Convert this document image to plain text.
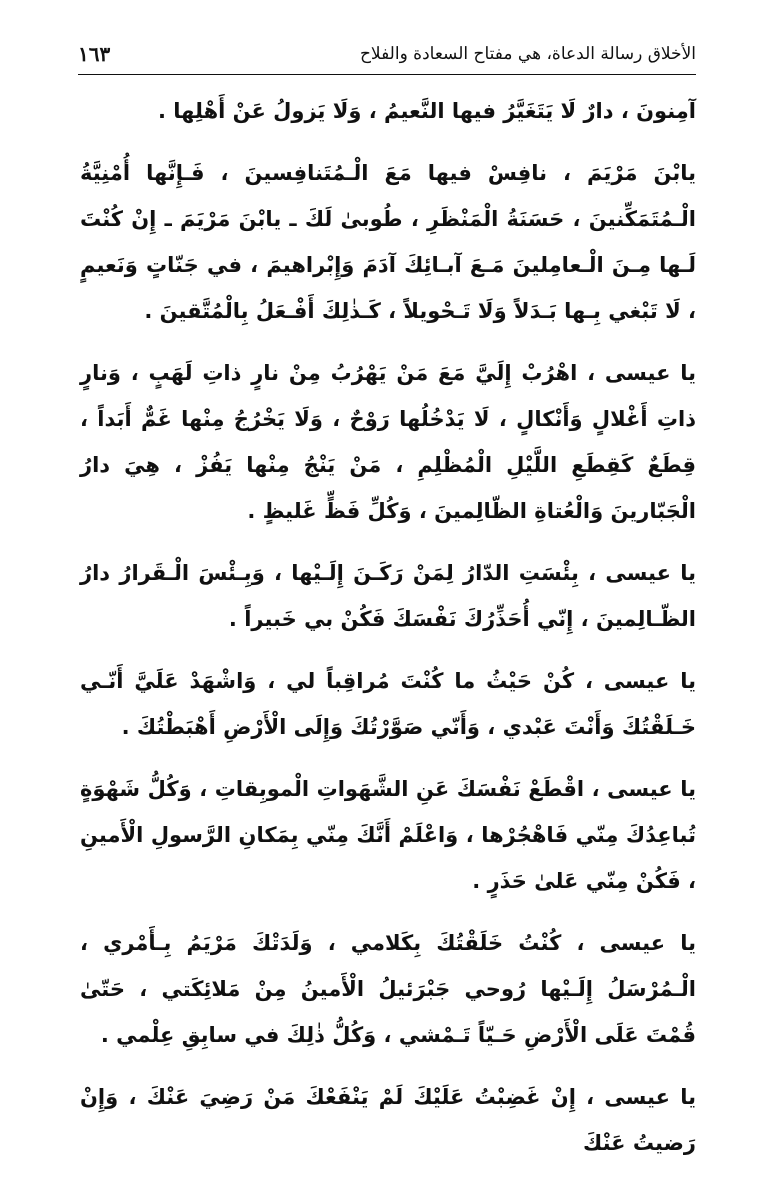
الأخلاق رسالة الدعاة، هي مفتاح السعادة والفلاح
١٦٣

آمِنونَ ، دارٌ لَا يَتَغَيَّرُ فيها النَّعيمُ ، وَلَا يَزولُ عَنْ أَهْلِها .

يابْنَ مَرْيَمَ ، نافِسْ فيها مَعَ الْـمُتَنافِسينَ ، فَـإِنَّها أُمْنِيَّةُ الْـمُتَمَكِّنينَ ، حَسَنَةُ الْمَنْظَرِ ، طُوبىٰ لَكَ ـ يابْنَ مَرْيَمَ ـ إِنْ كُنْتَ لَـها مِـنَ الْـعامِلينَ مَـعَ آبـائِكَ آدَمَ وَإِبْراهيمَ ، في جَنّاتٍ وَنَعيمٍ ، لَا تَبْغي بِـها بَـدَلاً وَلَا تَـحْويلاً ، كَـذٰلِكَ أَفْـعَلُ بِالْمُتَّقينَ .

يا عيسى ، اهْرُبْ إِلَيَّ مَعَ مَنْ يَهْرُبُ مِنْ نارٍ ذاتِ لَهَبٍ ، وَنارٍ ذاتِ أَغْلالٍ وَأَنْكالٍ ، لَا يَدْخُلُها رَوْحٌ ، وَلَا يَخْرُجُ مِنْها غَمٌّ أَبَداً ، قِطَعٌ كَقِطَعِ اللَّيْلِ الْمُظْلِمِ ، مَنْ يَنْجُ مِنْها يَفُزْ ، هِيَ دارُ الْجَبّارينَ وَالْعُتاةِ الظّالِمينَ ، وَكُلِّ فَظٍّ غَليظٍ .

يا عيسى ، بِئْسَتِ الدّارُ لِمَنْ رَكَـنَ إِلَـيْها ، وَبِـئْسَ الْـقَرارُ دارُ الظّـالِمينَ ، إِنّي أُحَذِّرُكَ نَفْسَكَ فَكُنْ بي خَبيراً .

يا عيسى ، كُنْ حَيْثُ ما كُنْتَ مُراقِباً لي ، وَاشْهَدْ عَلَيَّ أَنّـي خَـلَقْتُكَ وَأَنْتَ عَبْدي ، وَأَنّي صَوَّرْتُكَ وَإِلَى الْأَرْضِ أَهْبَطْتُكَ .

يا عيسى ، اقْطَعْ نَفْسَكَ عَنِ الشَّهَواتِ الْموبِقاتِ ، وَكُلُّ شَهْوَةٍ تُباعِدُكَ مِنّي فَاهْجُرْها ، وَاعْلَمْ أَنَّكَ مِنّي بِمَكانِ الرَّسولِ الْأَمينِ ، فَكُنْ مِنّي عَلىٰ حَذَرٍ .

يا عيسى ، كُنْتُ خَلَقْتُكَ بِكَلامي ، وَلَدَتْكَ مَرْيَمُ بِـأَمْري ، الْـمُرْسَلُ إِلَـيْها رُوحي جَبْرَئيلُ الْأَمينُ مِنْ مَلائِكَتي ، حَتّىٰ قُمْتَ عَلَى الْأَرْضِ حَـيّاً تَـمْشي ، وَكُلُّ ذٰلِكَ في سابِقِ عِلْمي .

يا عيسى ، إِنْ غَضِبْتُ عَلَيْكَ لَمْ يَنْفَعْكَ مَنْ رَضِيَ عَنْكَ ، وَإِنْ رَضيتُ عَنْكَ
